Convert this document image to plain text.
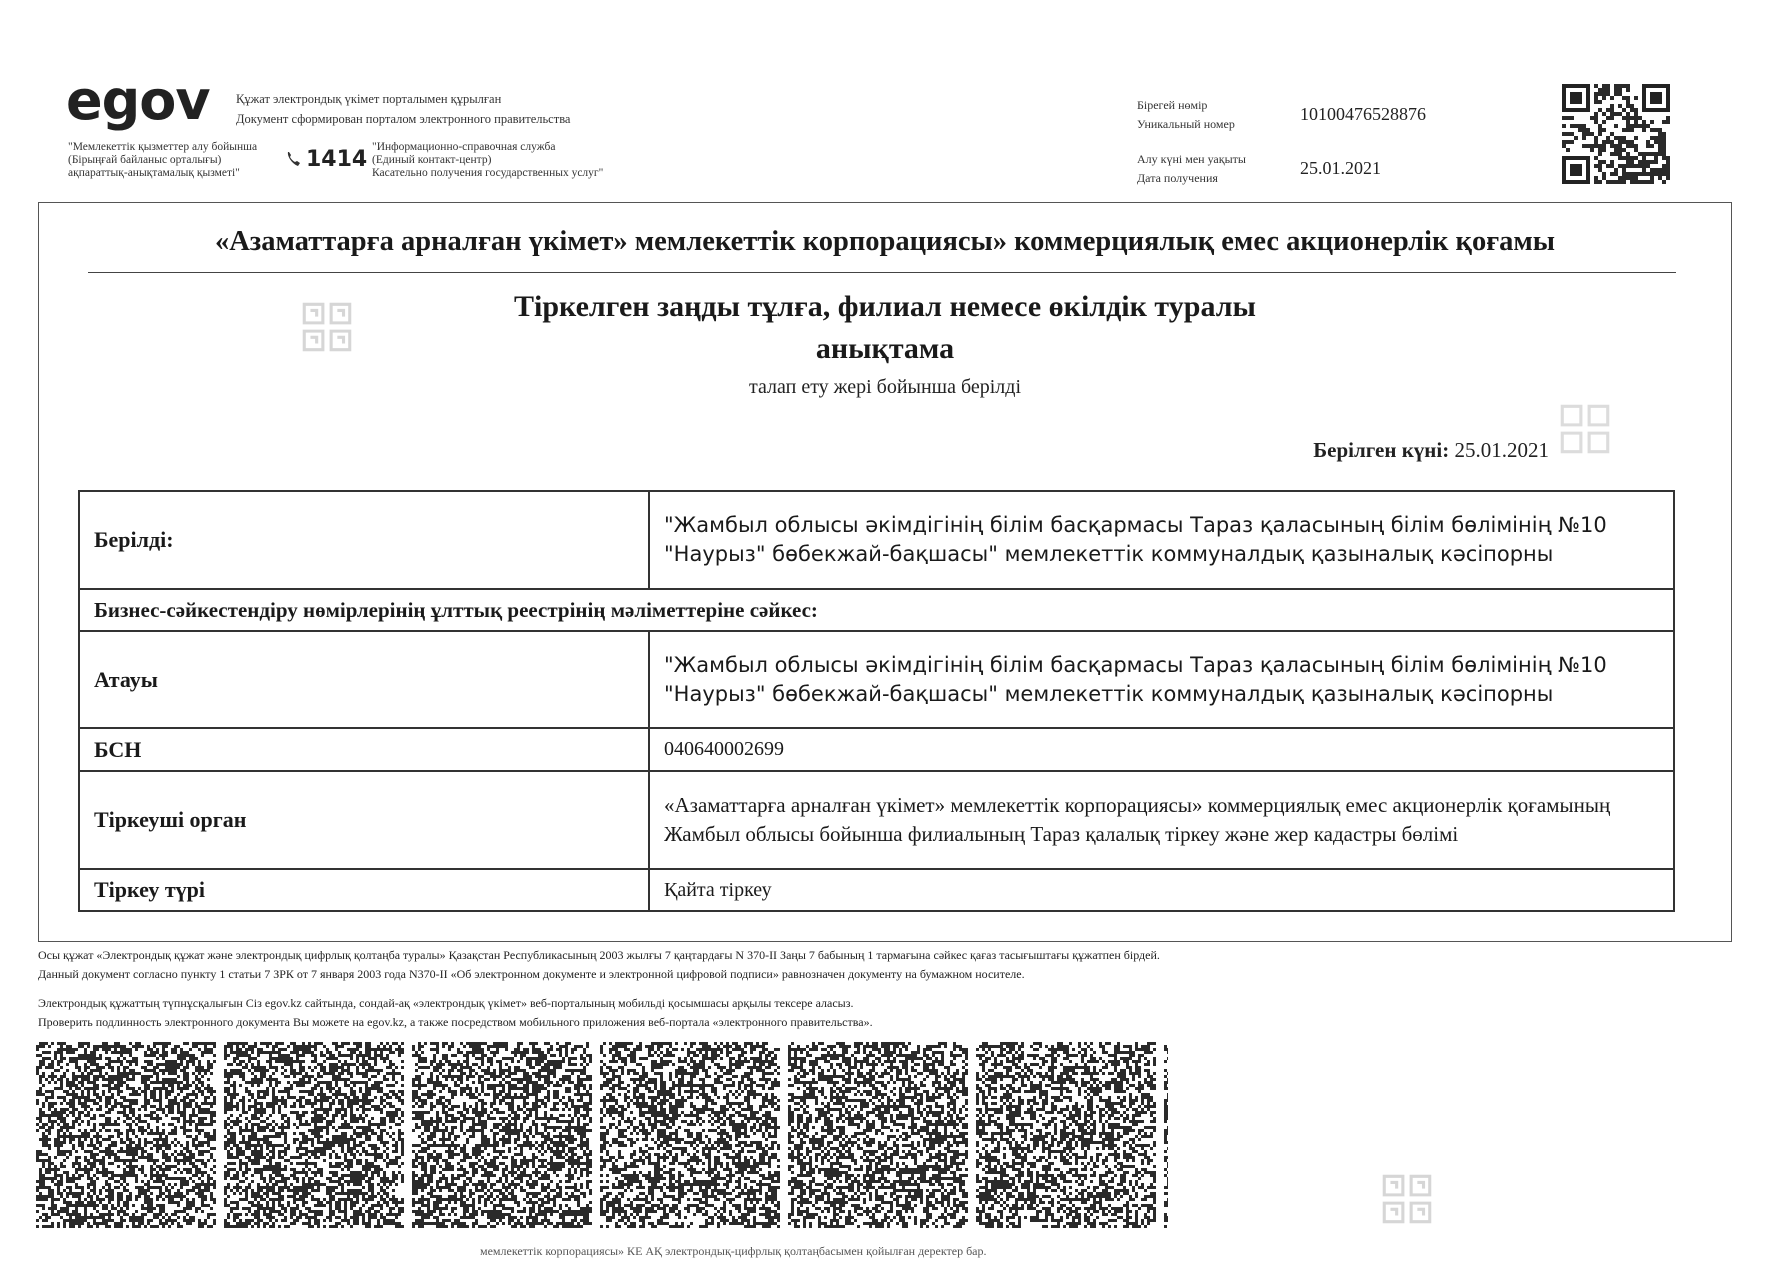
egov Құжат электрондық үкімет порталымен құрылған
Документ сформирован порталом электронного правительства
"Мемлекеттік қызметтер алу бойынша
(Бірыңғай байланыс орталығы)
ақпараттық-анықтамалық қызметі"
1414 "Информационно-справочная служба
(Единый контакт-центр)
Касательно получения государственных услуг"
Бірегей нөмір
Уникальный номер	10100476528876
Алу күні мен уақыты
Дата получения	25.01.2021
«Азаматтарға арналған үкімет» мемлекеттік корпорациясы» коммерциялық емес акционерлік қоғамы
Тіркелген заңды тұлға, филиал немесе өкілдік туралы
анықтама
талап ету жері бойынша берілді
Берілген күні: 25.01.2021
Берілді:	"Жамбыл облысы әкімдігінің білім басқармасы Тараз қаласының білім бөлімінің №10 "Наурыз" бөбекжай-бақшасы" мемлекеттік коммуналдық қазыналық кәсіпорны
Бизнес-сәйкестендіру нөмірлерінің ұлттық реестрінің мәліметтеріне сәйкес:	
Атауы	"Жамбыл облысы әкімдігінің білім басқармасы Тараз қаласының білім бөлімінің №10 "Наурыз" бөбекжай-бақшасы" мемлекеттік коммуналдық қазыналық кәсіпорны
БСН	040640002699
Тіркеуші орган	«Азаматтарға арналған үкімет» мемлекеттік корпорациясы» коммерциялық емес акционерлік қоғамының Жамбыл облысы бойынша филиалының Тараз қалалық тіркеу және жер кадастры бөлімі
Тіркеу түрі	Қайта тіркеу
Осы құжат «Электрондық құжат және электрондық цифрлық қолтаңба туралы» Қазақстан Республикасының 2003 жылғы 7 қаңтардағы N 370-II Заңы 7 бабының 1 тармағына сәйкес қағаз тасығыштағы құжатпен бірдей.
Данный документ согласно пункту 1 статьи 7 ЗРК от 7 января 2003 года N370-II «Об электронном документе и электронной цифровой подписи» равнозначен документу на бумажном носителе.
Электрондық құжаттың түпнұсқалығын Сіз egov.kz сайтында, сондай-ақ «электрондық үкімет» веб-порталының мобильді қосымшасы арқылы тексере аласыз.
Проверить подлинность электронного документа Вы можете на egov.kz, а также посредством мобильного приложения веб-портала «электронного правительства».
мемлекеттік корпорациясы» КЕ АҚ электрондық-цифрлық қолтаңбасымен қойылған деректер бар.
